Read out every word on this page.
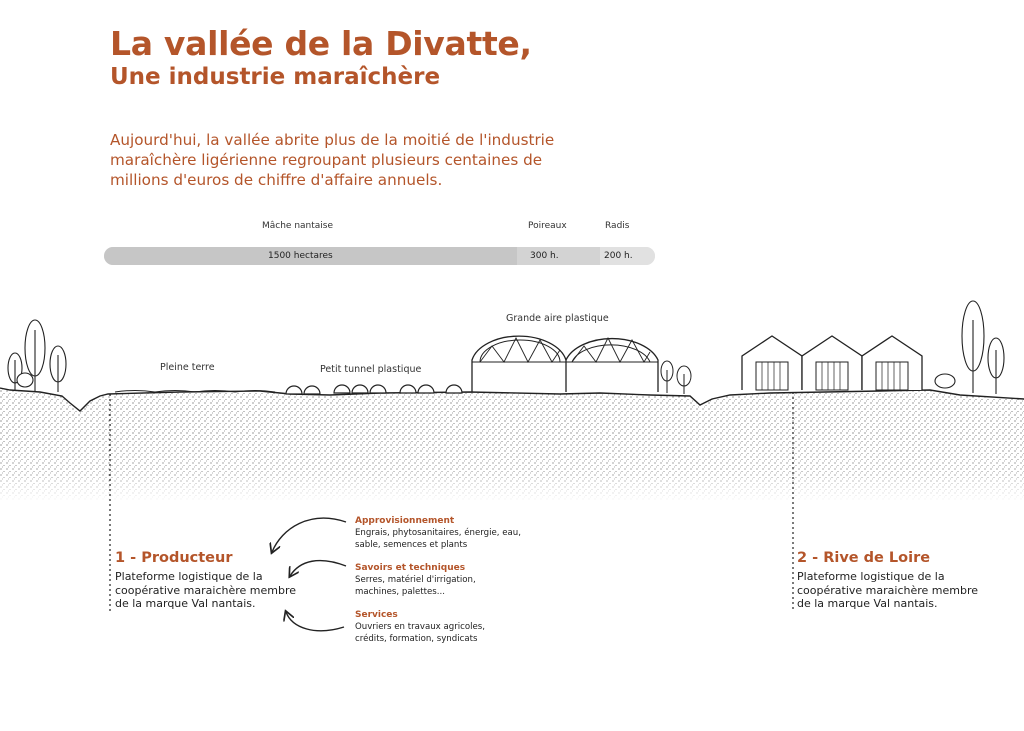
La vallée de la Divatte,
Une industrie maraîchère

Aujourd'hui, la vallée abrite plus de la moitié de l'industrie maraîchère ligérienne regroupant plusieurs centaines de millions d'euros de chiffre d'affaire annuels.

Mâche nantaise	Poireaux	Radis
1500 hectares	300 h.	200 h.
Pleine terre	Petit tunnel plastique
Grande aire plastique
1 - Producteur
Plateforme logistique de la coopérative maraichère membre de la marque Val nantais.
2 - Rive de Loire
Plateforme logistique de la coopérative maraichère membre de la marque Val nantais.
Approvisionnement
Engrais, phytosanitaires, énergie, eau, sable, semences et plants
Savoirs et techniques
Serres, matériel d'irrigation, machines, palettes...
Services
Ouvriers en travaux agricoles, crédits, formation, syndicats
